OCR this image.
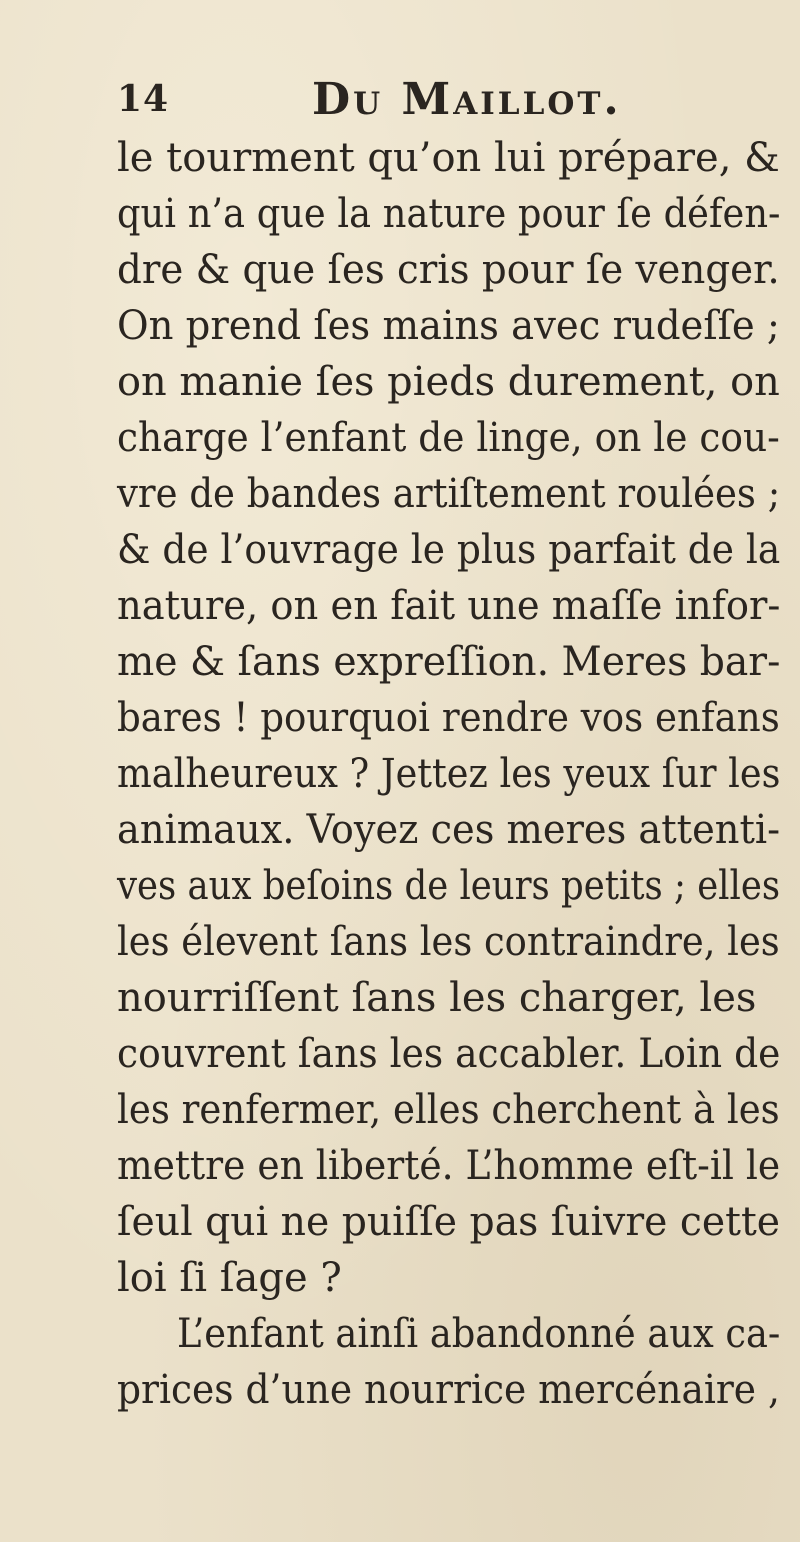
14	Du Maillot.
le tourment qu’on lui prépare, &
qui n’a que la nature pour ſe défen-
dre & que ſes cris pour ſe venger.
On prend ſes mains avec rudeſſe ;
on manie ſes pieds durement, on
charge l’enfant de linge, on le cou-
vre de bandes artiſtement roulées ;
& de l’ouvrage le plus parfait de la
nature, on en fait une maſſe infor-
me & ſans expreſſion. Meres bar-
bares ! pourquoi rendre vos enfans
malheureux ? Jettez les yeux ſur les
animaux. Voyez ces meres attenti-
ves aux beſoins de leurs petits ; elles
les élevent ſans les contraindre, les
nourriſſent ſans les charger, les
couvrent ſans les accabler. Loin de
les renfermer, elles cherchent à les
mettre en liberté. L’homme eſt-il le
ſeul qui ne puiſſe pas ſuivre cette
loi ſi ſage ?
L’enfant ainſi abandonné aux ca-
prices d’une nourrice mercénaire ,
